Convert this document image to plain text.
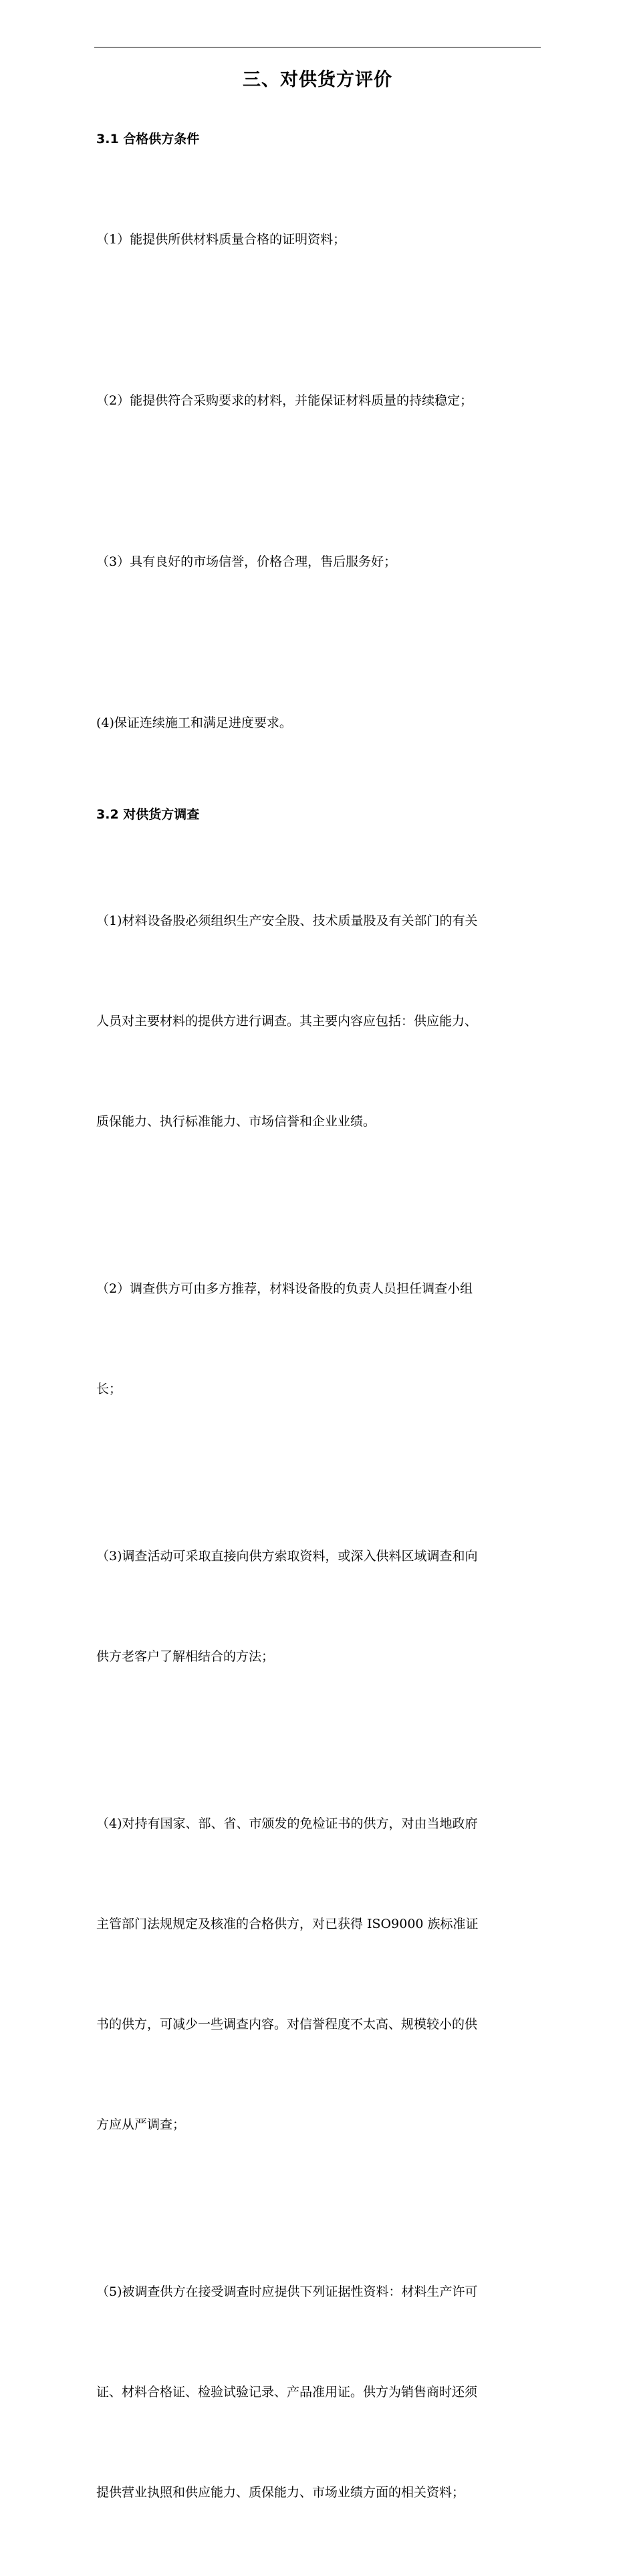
三、对供货方评价
3.1 合格供方条件

（1）能提供所供材料质量合格的证明资料；

（2）能提供符合采购要求的材料，并能保证材料质量的持续稳定；

（3）具有良好的市场信誉，价格合理，售后服务好；

(4)保证连续施工和满足进度要求。

3.2 对供货方调查

（1)材料设备股必须组织生产安全股、技术质量股及有关部门的有关

人员对主要材料的提供方进行调查。其主要内容应包括：供应能力、

质保能力、执行标准能力、市场信誉和企业业绩。

（2）调查供方可由多方推荐，材料设备股的负责人员担任调查小组

长；

（3)调查活动可采取直接向供方索取资料，或深入供料区域调查和向

供方老客户了解相结合的方法；

（4)对持有国家、部、省、市颁发的免检证书的供方，对由当地政府

主管部门法规规定及核准的合格供方，对已获得 ISO9000 族标准证

书的供方，可减少一些调查内容。对信誉程度不太高、规模较小的供

方应从严调查；

（5)被调查供方在接受调查时应提供下列证据性资料：材料生产许可

证、材料合格证、检验试验记录、产品准用证。供方为销售商时还须

提供营业执照和供应能力、质保能力、市场业绩方面的相关资料；
